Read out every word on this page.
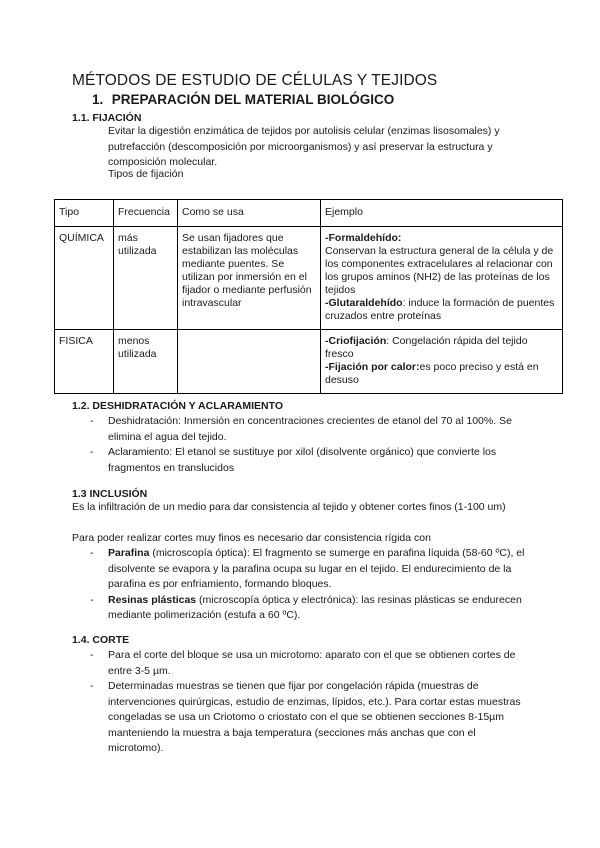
MÉTODOS DE ESTUDIO DE CÉLULAS Y TEJIDOS
1. PREPARACIÓN DEL MATERIAL BIOLÓGICO
1.1. FIJACIÓN

Evitar la digestión enzimática de tejidos por autolisis celular (enzimas lisosomales) y putrefacción (descomposición por microorganismos) y así preservar la estructura y composición molecular.

Tipos de fijación

Tipo	Frecuencia	Como se usa	Ejemplo
QUÍMICA	más utilizada	Se usan fijadores que estabilizan las moléculas mediante puentes. Se utilizan por inmersión en el fijador o mediante perfusión intravascular	-Formaldehído:
Conservan la estructura general de la célula y de los componentes extracelulares al relacionar con los grupos aminos (NH2) de las proteínas de los tejidos
-Glutaraldehído: induce la formación de puentes cruzados entre proteínas
FISICA	menos utilizada		-Criofijación: Congelación rápida del tejido fresco
-Fijación por calor:es poco preciso y está en desuso
1.2. DESHIDRATACIÓN Y ACLARAMIENTO
- Deshidratación: Inmersión en concentraciones crecientes de etanol del 70 al 100%. Se elimina el agua del tejido.
- Aclaramiento: El etanol se sustituye por xilol (disolvente orgánico) que convierte los fragmentos en translucidos
1.3 INCLUSIÓN

Es la infiltración de un medio para dar consistencia al tejido y obtener cortes finos (1-100 um)

Para poder realizar cortes muy finos es necesario dar consistencia rígida con

- Parafina (microscopía óptica): El fragmento se sumerge en parafina líquida (58-60 ºC), el disolvente se evapora y la parafina ocupa su lugar en el tejido. El endurecimiento de la parafina es por enfriamiento, formando bloques.
- Resinas plásticas (microscopía óptica y electrónica): las resinas plásticas se endurecen mediante polimerización (estufa a 60 ºC).
1.4. CORTE
- Para el corte del bloque se usa un microtomo: aparato con el que se obtienen cortes de entre 3-5 µm.
- Determinadas muestras se tienen que fijar por congelación rápida (muestras de intervenciones quirúrgicas, estudio de enzimas, lípidos, etc.). Para cortar estas muestras congeladas se usa un Criotomo o criostato con el que se obtienen secciones 8-15µm manteniendo la muestra a baja temperatura (secciones más anchas que con el microtomo).
